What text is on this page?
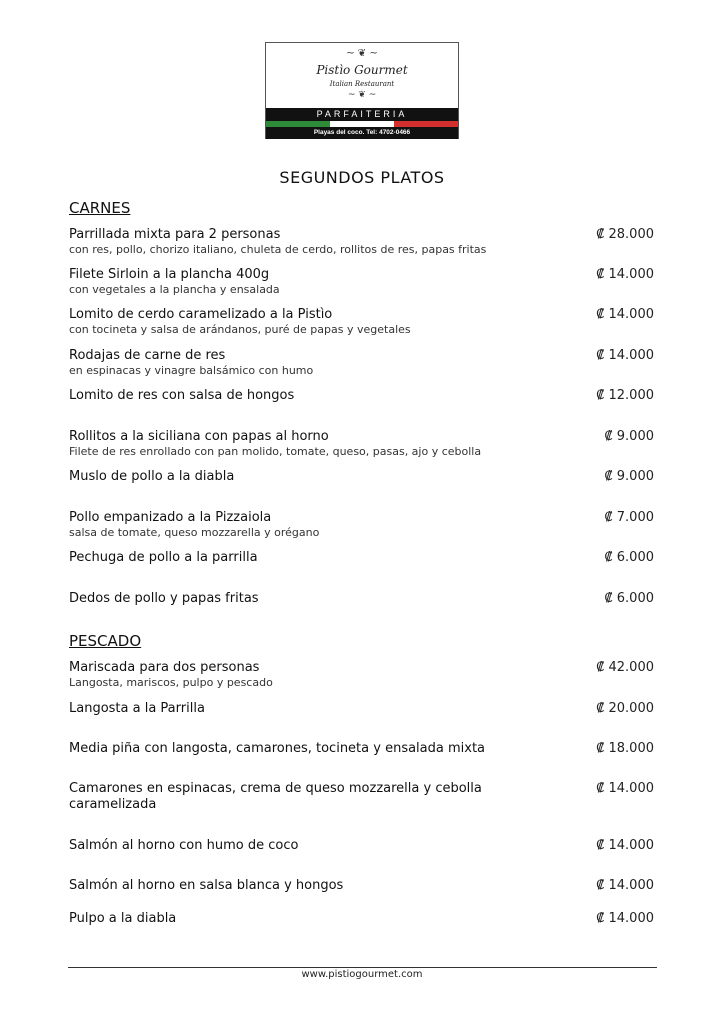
~ ❦ ~
Pistìo Gourmet
Italian Restaurant
~ ❦ ~
PARFAITERIA
Playas del coco. Tel: 4702-0466
SEGUNDOS PLATOS
CARNES
Parrillada mixta para 2 personas
con res, pollo, chorizo italiano, chuleta de cerdo, rollitos de res, papas fritas
₡ 28.000
Filete Sirloin a la plancha 400g
con vegetales a la plancha y ensalada
₡ 14.000
Lomito de cerdo caramelizado a la Pistìo
con tocineta y salsa de arándanos, puré de papas y vegetales
₡ 14.000
Rodajas de carne de res
en espinacas y vinagre balsámico con humo
₡ 14.000
Lomito de res con salsa de hongos	₡ 12.000
Rollitos a la siciliana con papas al horno
Filete de res enrollado con pan molido, tomate, queso, pasas, ajo y cebolla
₡ 9.000
Muslo de pollo a la diabla	₡ 9.000
Pollo empanizado a la Pizzaiola
salsa de tomate, queso mozzarella y orégano
₡ 7.000
Pechuga de pollo a la parrilla	₡ 6.000
Dedos de pollo y papas fritas	₡ 6.000
PESCADO
Mariscada para dos personas
Langosta, mariscos, pulpo y pescado
₡ 42.000
Langosta a la Parrilla	₡ 20.000
Media piña con langosta, camarones, tocineta y ensalada mixta	₡ 18.000
Camarones en espinacas, crema de queso mozzarella y cebolla caramelizada
₡ 14.000
Salmón al horno con humo de coco	₡ 14.000
Salmón al horno en salsa blanca y hongos	₡ 14.000
Pulpo a la diabla	₡ 14.000
www.pistiogourmet.com
